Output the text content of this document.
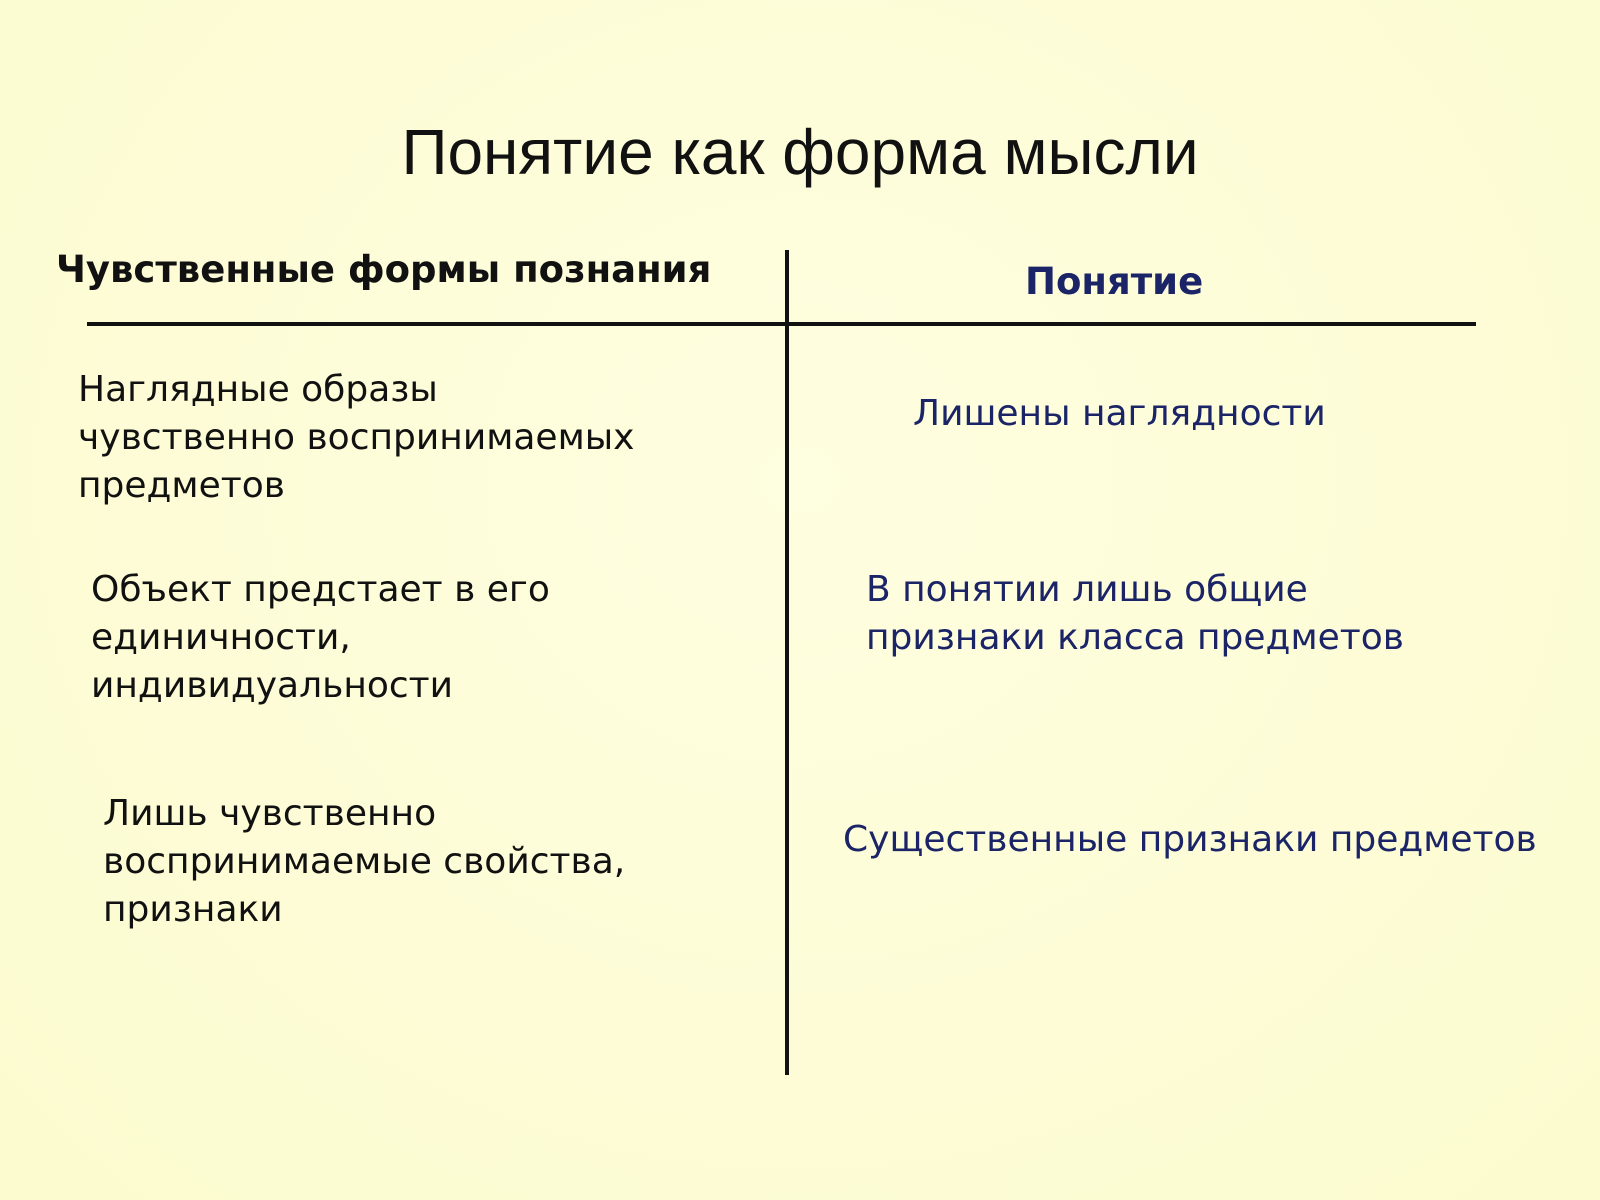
Понятие как форма мысли
Чувственные формы познания	Понятие
Наглядные образы
чувственно воспринимаемых
предметов
Лишены наглядности
Объект предстает в его
единичности,
индивидуальности
В понятии лишь общие
признаки класса предметов
Лишь чувственно
воспринимаемые свойства,
признаки
Существенные признаки предметов
